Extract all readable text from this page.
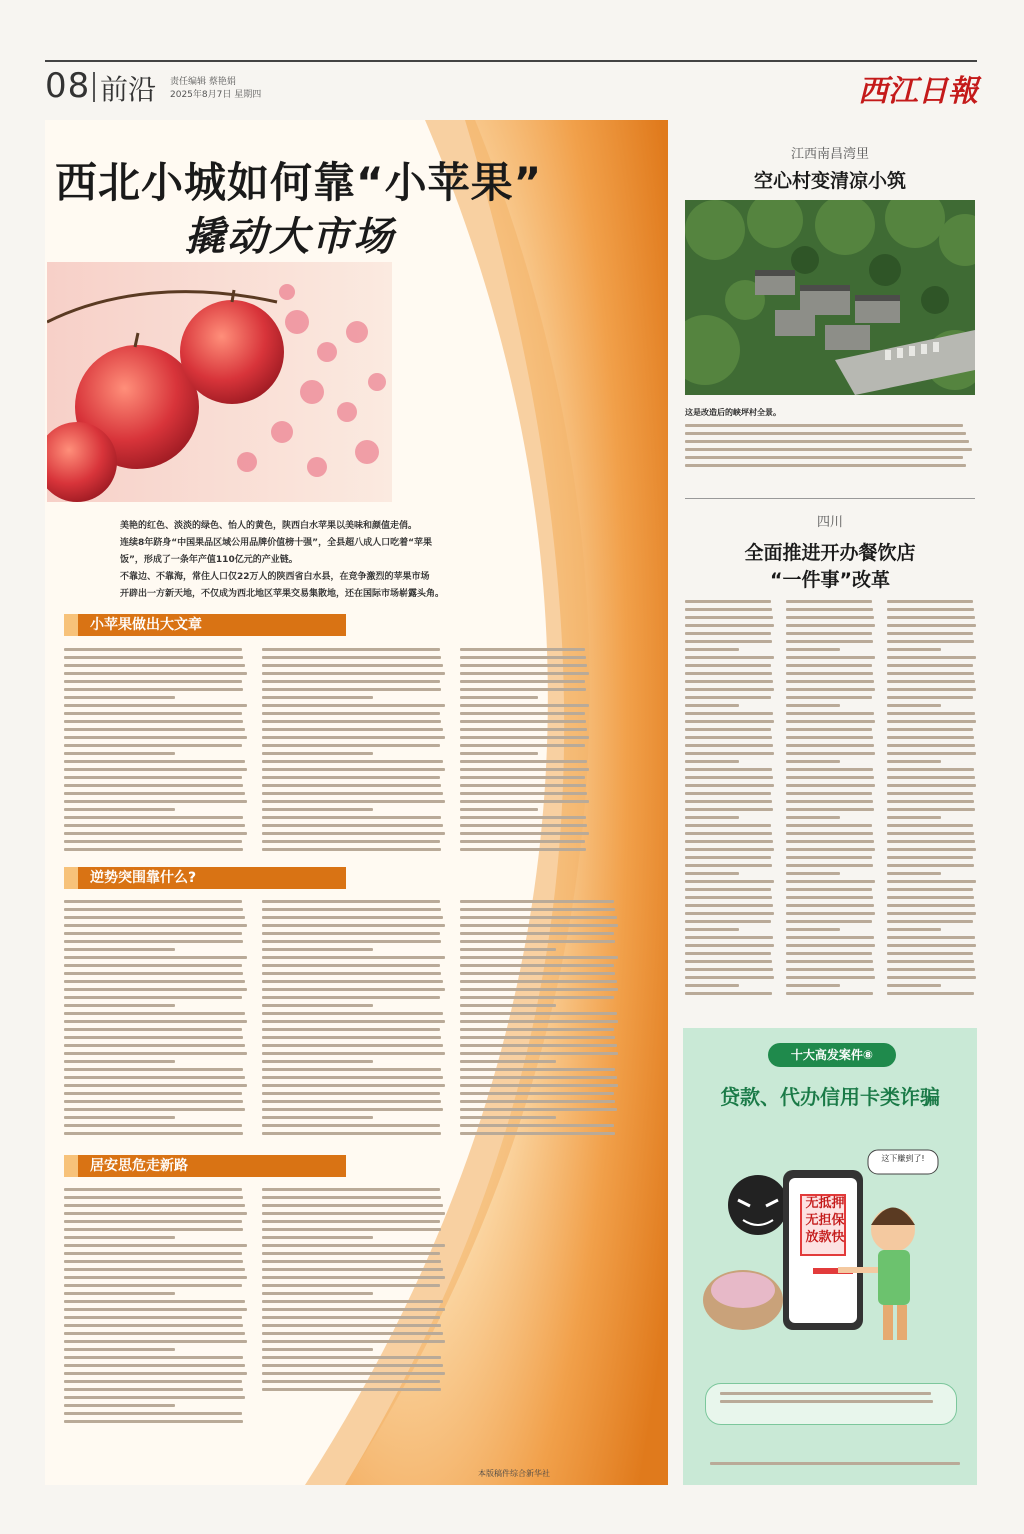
08 前沿 责任编辑 蔡艳娟
2025年8月7日 星期四	西江日報
西北小城如何靠“小苹果”
撬动大市场
美艳的红色、淡淡的绿色、怡人的黄色，陕西白水苹果以美味和颜值走俏。
连续8年跻身“中国果品区域公用品牌价值榜十强”，全县超八成人口吃着“苹果
饭”，形成了一条年产值110亿元的产业链。
不靠边、不靠海，常住人口仅22万人的陕西省白水县，在竞争激烈的苹果市场
开辟出一方新天地，不仅成为西北地区苹果交易集散地，还在国际市场崭露头角。
小苹果做出大文章
逆势突围靠什么?
居安思危走新路
本版稿件综合新华社
江西南昌湾里
空心村变清凉小筑
这是改造后的峡坪村全景。
四川
全面推进开办餐饮店
“一件事”改革
十大高发案件⑧
贷款、代办信用卡类诈骗
这下赚到了!
无抵押
无担保
放款快
